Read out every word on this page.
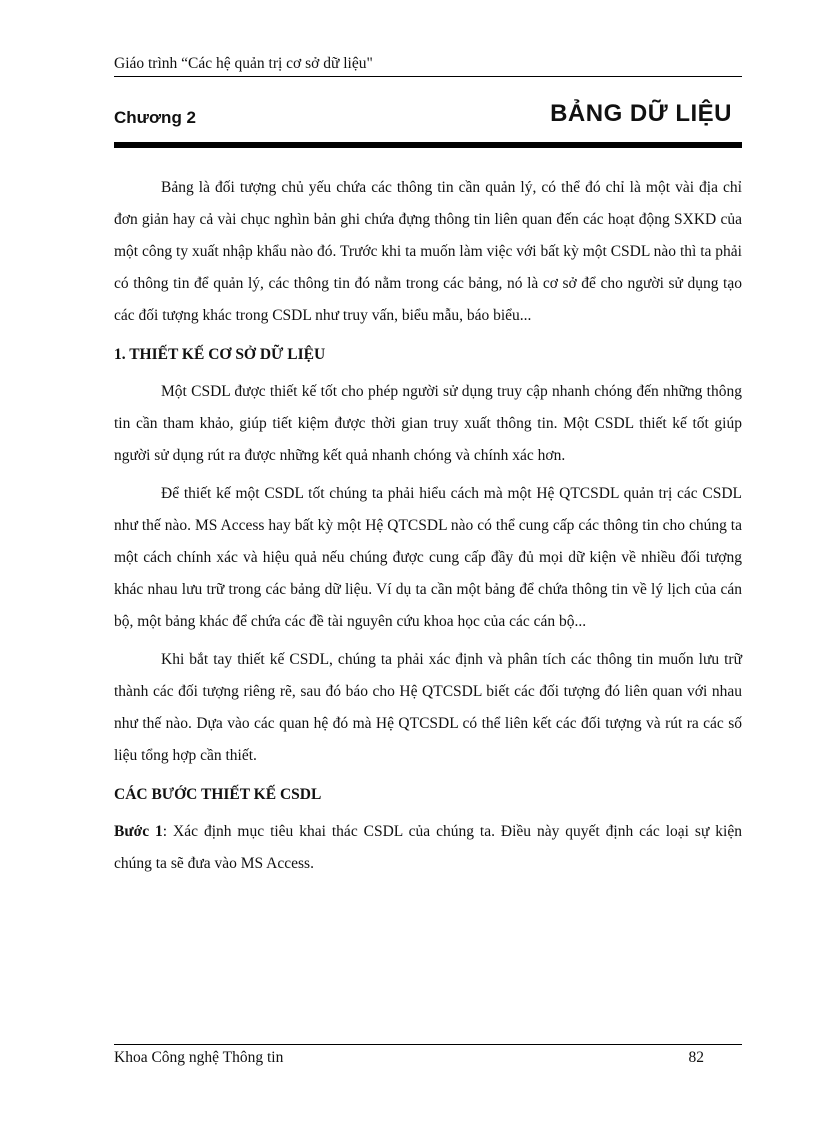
Giáo trình “Các hệ quản trị cơ sở dữ liệu"
Chương 2	BẢNG DỮ LIỆU

Bảng là đối tượng chủ yếu chứa các thông tin cần quản lý, có thể đó chỉ là một vài địa chỉ đơn giản hay cả vài chục nghìn bản ghi chứa đựng thông tin liên quan đến các hoạt động SXKD của một công ty xuất nhập khẩu nào đó. Trước khi ta muốn làm việc với bất kỳ một CSDL nào thì ta phải có thông tin để quản lý, các thông tin đó nằm trong các bảng, nó là cơ sở để cho người sử dụng tạo các đối tượng khác trong CSDL như truy vấn, biểu mẫu, báo biểu...

1. THIẾT KẾ CƠ SỞ DỮ LIỆU

Một CSDL được thiết kế tốt cho phép người sử dụng truy cập nhanh chóng đến những thông tin cần tham khảo, giúp tiết kiệm được thời gian truy xuất thông tin. Một CSDL thiết kế tốt giúp người sử dụng rút ra được những kết quả nhanh chóng và chính xác hơn.

Để thiết kế một CSDL tốt chúng ta phải hiểu cách mà một Hệ QTCSDL quản trị các CSDL như thế nào. MS Access hay bất kỳ một Hệ QTCSDL nào có thể cung cấp các thông tin cho chúng ta một cách chính xác và hiệu quả nếu chúng được cung cấp đầy đủ mọi dữ kiện về nhiều đối tượng khác nhau lưu trữ trong các bảng dữ liệu. Ví dụ ta cần một bảng để chứa thông tin về lý lịch của cán bộ, một bảng khác để chứa các đề tài nguyên cứu khoa học của các cán bộ...

Khi bắt tay thiết kế CSDL, chúng ta phải xác định và phân tích các thông tin muốn lưu trữ thành các đối tượng riêng rẽ, sau đó báo cho Hệ QTCSDL biết các đối tượng đó liên quan với nhau như thế nào. Dựa vào các quan hệ đó mà Hệ QTCSDL có thể liên kết các đối tượng và rút ra các số liệu tổng hợp cần thiết.

CÁC BƯỚC THIẾT KẾ CSDL

Bước 1: Xác định mục tiêu khai thác CSDL của chúng ta. Điều này quyết định các loại sự kiện chúng ta sẽ đưa vào MS Access.

Khoa Công nghệ Thông tin	82
